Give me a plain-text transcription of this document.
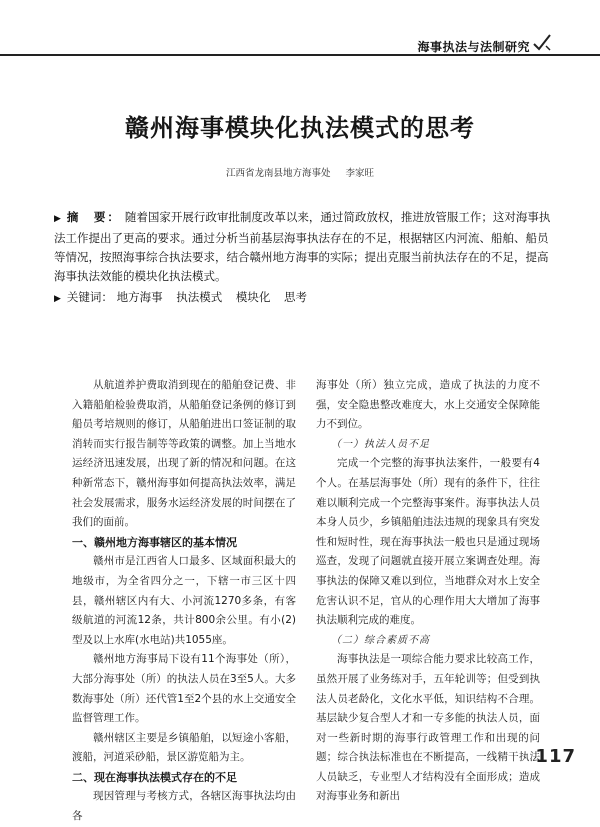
海事执法与法制研究
赣州海事模块化执法模式的思考
江西省龙南县地方海事处 李家旺
▶ 摘　要： 随着国家开展行政审批制度改革以来，通过简政放权，推进放管服工作；这对海事执法工作提出了更高的要求。通过分析当前基层海事执法存在的不足，根据辖区内河流、船舶、船员等情况，按照海事综合执法要求，结合赣州地方海事的实际；提出克服当前执法存在的不足，提高海事执法效能的模块化执法模式。
▶ 关键词： 地方海事 执法模式 模块化 思考

从航道养护费取消到现在的船舶登记费、非入籍船舶检验费取消，从船舶登记条例的修订到船员考培规则的修订，从船舶进出口签证制的取消转而实行报告制等等政策的调整。加上当地水运经济迅速发展，出现了新的情况和问题。在这种新常态下，赣州海事如何提高执法效率，满足社会发展需求，服务水运经济发展的时间摆在了我们的面前。

一、赣州地方海事辖区的基本情况

赣州市是江西省人口最多、区域面积最大的地级市，为全省四分之一，下辖一市三区十四县，赣州辖区内有大、小河流1270多条，有客级航道的河流12条，共计800余公里。有小(2)型及以上水库(水电站)共1055座。

赣州地方海事局下设有11个海事处（所），大部分海事处（所）的执法人员在3至5人。大多数海事处（所）还代管1至2个县的水上交通安全监督管理工作。

赣州辖区主要是乡镇船舶，以短途小客船，渡船，河道采砂船，景区游览船为主。

二、现在海事执法模式存在的不足

现因管理与考核方式，各辖区海事执法均由各

海事处（所）独立完成，造成了执法的力度不强，安全隐患整改难度大，水上交通安全保障能力不到位。

（一）执法人员不足

完成一个完整的海事执法案件，一般要有4个人。在基层海事处（所）现有的条件下，往往难以顺利完成一个完整海事案件。海事执法人员本身人员少，乡镇船舶违法违规的现象具有突发性和短时性，现在海事执法一般也只是通过现场巡查，发现了问题就直接开展立案调查处理。海事执法的保障又难以到位，当地群众对水上安全危害认识不足，官从的心理作用大大增加了海事执法顺利完成的难度。

（二）综合素质不高

海事执法是一项综合能力要求比较高工作，虽然开展了业务练对手，五年轮训等；但受到执法人员老龄化，文化水平低，知识结构不合理。基层缺少复合型人才和一专多能的执法人员，面对一些新时期的海事行政管理工作和出现的问题；综合执法标准也在不断提高，一线精干执法人员缺乏，专业型人才结构没有全面形成；造成对海事业务和新出

117
